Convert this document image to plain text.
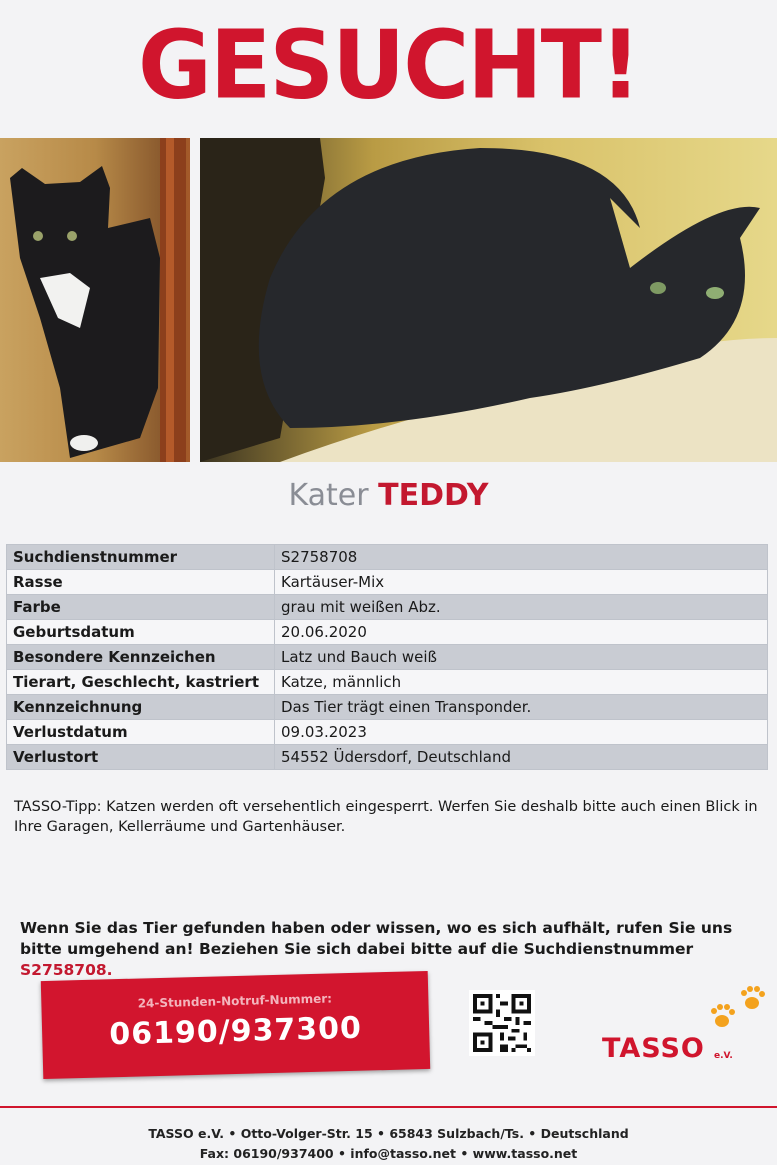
GESUCHT!
Kater TEDDY
Suchdienstnummer	S2758708
Rasse	Kartäuser-Mix
Farbe	grau mit weißen Abz.
Geburtsdatum	20.06.2020
Besondere Kennzeichen	Latz und Bauch weiß
Tierart, Geschlecht, kastriert	Katze, männlich
Kennzeichnung	Das Tier trägt einen Transponder.
Verlustdatum	09.03.2023
Verlustort	54552 Üdersdorf, Deutschland
TASSO-Tipp: Katzen werden oft versehentlich eingesperrt. Werfen Sie deshalb bitte auch einen Blick in Ihre Garagen, Kellerräume und Gartenhäuser.
Wenn Sie das Tier gefunden haben oder wissen, wo es sich aufhält, rufen Sie uns bitte umgehend an! Beziehen Sie sich dabei bitte auf die Suchdienstnummer S2758708.
24-Stunden-Notruf-Nummer:
06190/937300	TASSO e.V.
TASSO e.V. • Otto-Volger-Str. 15 • 65843 Sulzbach/Ts. • Deutschland
Fax: 06190/937400 • info@tasso.net • www.tasso.net
